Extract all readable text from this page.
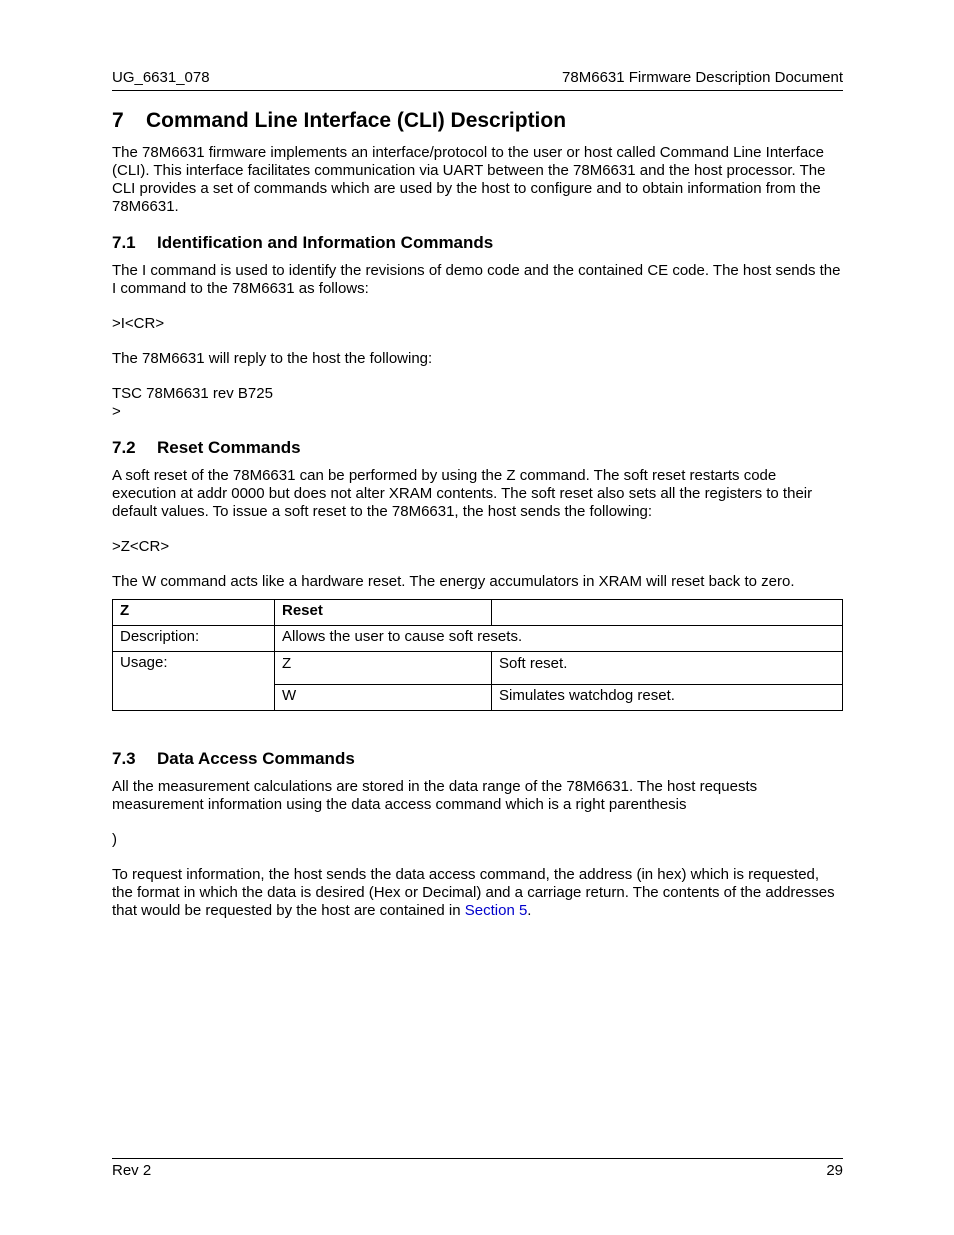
UG_6631_078	78M6631 Firmware Description Document
7 Command Line Interface (CLI) Description

The 78M6631 firmware implements an interface/protocol to the user or host called Command Line Interface (CLI). This interface facilitates communication via UART between the 78M6631 and the host processor. The CLI provides a set of commands which are used by the host to configure and to obtain information from the 78M6631.

7.1 Identification and Information Commands

The I command is used to identify the revisions of demo code and the contained CE code. The host sends the I command to the 78M6631 as follows:

>I<CR>

The 78M6631 will reply to the host the following:

TSC 78M6631 rev B725

>

7.2 Reset Commands

A soft reset of the 78M6631 can be performed by using the Z command. The soft reset restarts code execution at addr 0000 but does not alter XRAM contents. The soft reset also sets all the registers to their default values. To issue a soft reset to the 78M6631, the host sends the following:

>Z<CR>

The W command acts like a hardware reset. The energy accumulators in XRAM will reset back to zero.

Z	Reset	
Description:	Allows the user to cause soft resets.	
Usage:	Z	Soft reset.
	W	Simulates watchdog reset.
7.3 Data Access Commands

All the measurement calculations are stored in the data range of the 78M6631. The host requests measurement information using the data access command which is a right parenthesis

)

To request information, the host sends the data access command, the address (in hex) which is requested, the format in which the data is desired (Hex or Decimal) and a carriage return. The contents of the addresses that would be requested by the host are contained in Section 5.

Rev 2	29
